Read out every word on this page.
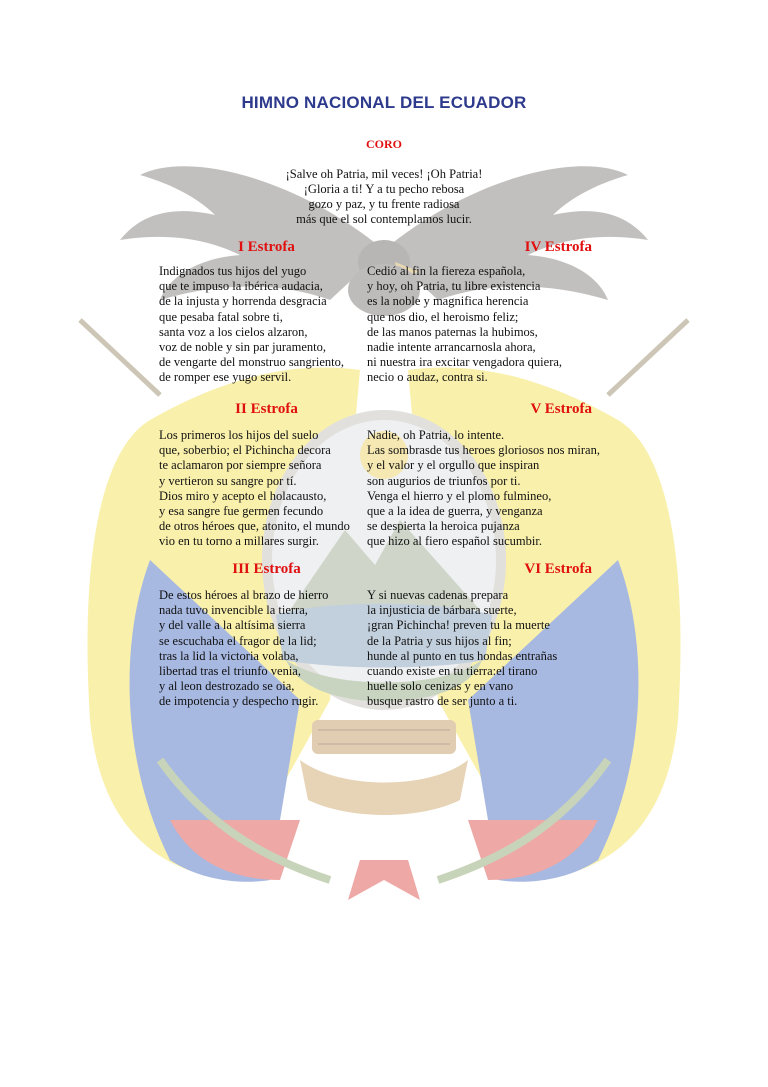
HIMNO NACIONAL DEL ECUADOR
CORO
¡Salve oh Patria, mil veces! ¡Oh Patria!
¡Gloria a ti! Y a tu pecho rebosa
gozo y paz, y tu frente radiosa
más que el sol contemplamos lucir.
I Estrofa
Indignados tus hijos del yugo
que te impuso la ibérica audacia,
de la injusta y horrenda desgracia
que pesaba fatal sobre ti,
santa voz a los cielos alzaron,
voz de noble y sin par juramento,
de vengarte del monstruo sangriento,
de romper ese yugo servil.
IV Estrofa
Cedió al fin la fiereza española,
y hoy, oh Patria, tu libre existencia
es la noble y magnifica herencia
que nos dio, el heroismo feliz;
de las manos paternas la hubimos,
nadie intente arrancarnosla ahora,
ni nuestra ira excitar vengadora quiera,
necio o audaz, contra si.
II Estrofa
Los primeros los hijos del suelo
que, soberbio; el Pichincha decora
te aclamaron por siempre señora
y vertieron su sangre por tí.
Dios miro y acepto el holacausto,
y esa sangre fue germen fecundo
de otros héroes que, atonito, el mundo
vio en tu torno a millares surgir.
V Estrofa
Nadie, oh Patria, lo intente.
Las sombrasde tus heroes gloriosos nos miran,
y el valor y el orgullo que inspiran
son augurios de triunfos por ti.
Venga el hierro y el plomo fulmineo,
que a la idea de guerra, y venganza
se despierta la heroica pujanza
que hizo al fiero español sucumbir.
III Estrofa
De estos héroes al brazo de hierro
nada tuvo invencible la tierra,
y del valle a la altísima sierra
se escuchaba el fragor de la lid;
tras la lid la victoria volaba,
libertad tras el triunfo venia,
y al leon destrozado se oia,
de impotencia y despecho rugir.
VI Estrofa
Y si nuevas cadenas prepara
la injusticia de bárbara suerte,
¡gran Pichincha! preven tu la muerte
de la Patria y sus hijos al fin;
hunde al punto en tus hondas entrañas
cuando existe en tu tierra:el tirano
huelle solo cenizas y en vano
busque rastro de ser junto a ti.
